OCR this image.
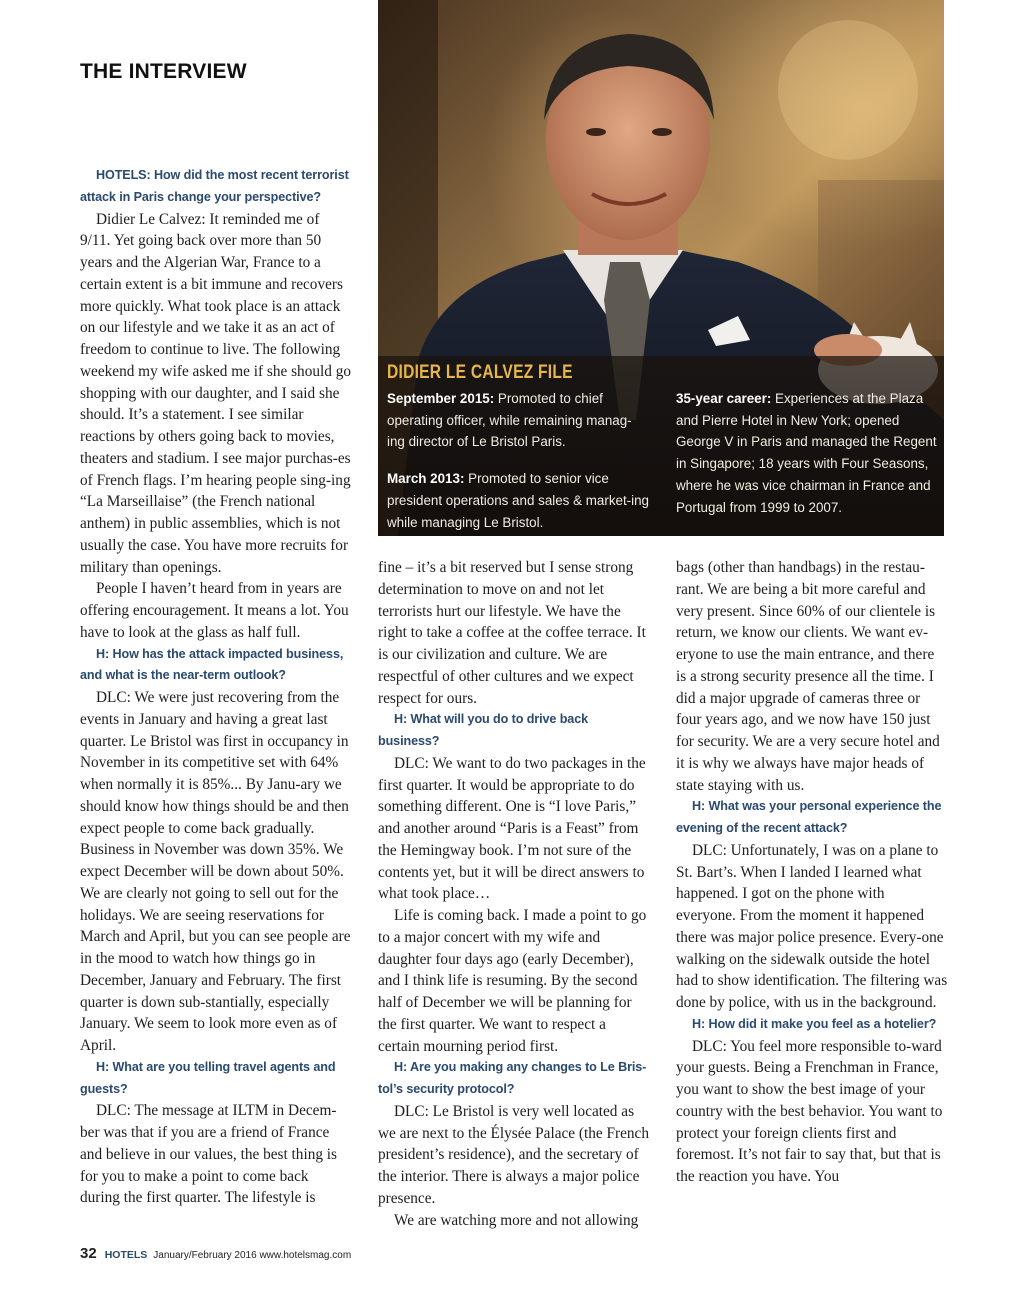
THE INTERVIEW
DIDIER LE CALVEZ FILE

September 2015: Promoted to chief operating officer, while remaining manag-ing director of Le Bristol Paris.

March 2013: Promoted to senior vice president operations and sales & market-ing while managing Le Bristol.

35-year career: Experiences at the Plaza and Pierre Hotel in New York; opened George V in Paris and managed the Regent in Singapore; 18 years with Four Seasons, where he was vice chairman in France and Portugal from 1999 to 2007.

HOTELS: How did the most recent terrorist attack in Paris change your perspective?

Didier Le Calvez: It reminded me of 9/11. Yet going back over more than 50 years and the Algerian War, France to a certain extent is a bit immune and recovers more quickly. What took place is an attack on our lifestyle and we take it as an act of freedom to continue to live. The following weekend my wife asked me if she should go shopping with our daughter, and I said she should. It’s a statement. I see similar reactions by others going back to movies, theaters and stadium. I see major purchas-es of French flags. I’m hearing people sing-ing “La Marseillaise” (the French national anthem) in public assemblies, which is not usually the case. You have more recruits for military than openings.

People I haven’t heard from in years are offering encouragement. It means a lot. You have to look at the glass as half full.

H: How has the attack impacted business, and what is the near-term outlook?

DLC: We were just recovering from the events in January and having a great last quarter. Le Bristol was first in occupancy in November in its competitive set with 64% when normally it is 85%... By Janu-ary we should know how things should be and then expect people to come back gradually. Business in November was down 35%. We expect December will be down about 50%. We are clearly not going to sell out for the holidays. We are seeing reservations for March and April, but you can see people are in the mood to watch how things go in December, January and February. The first quarter is down sub-stantially, especially January. We seem to look more even as of April.

H: What are you telling travel agents and guests?

DLC: The message at ILTM in Decem-ber was that if you are a friend of France and believe in our values, the best thing is for you to make a point to come back during the first quarter. The lifestyle is

fine – it’s a bit reserved but I sense strong determination to move on and not let terrorists hurt our lifestyle. We have the right to take a coffee at the coffee terrace. It is our civilization and culture. We are respectful of other cultures and we expect respect for ours.

H: What will you do to drive back business?

DLC: We want to do two packages in the first quarter. It would be appropriate to do something different. One is “I love Paris,” and another around “Paris is a Feast” from the Hemingway book. I’m not sure of the contents yet, but it will be direct answers to what took place…

Life is coming back. I made a point to go to a major concert with my wife and daughter four days ago (early December), and I think life is resuming. By the second half of December we will be planning for the first quarter. We want to respect a certain mourning period first.

H: Are you making any changes to Le Bris-tol’s security protocol?

DLC: Le Bristol is very well located as we are next to the Élysée Palace (the French president’s residence), and the secretary of the interior. There is always a major police presence.

We are watching more and not allowing

bags (other than handbags) in the restau-rant. We are being a bit more careful and very present. Since 60% of our clientele is return, we know our clients. We want ev-eryone to use the main entrance, and there is a strong security presence all the time. I did a major upgrade of cameras three or four years ago, and we now have 150 just for security. We are a very secure hotel and it is why we always have major heads of state staying with us.

H: What was your personal experience the evening of the recent attack?

DLC: Unfortunately, I was on a plane to St. Bart’s. When I landed I learned what happened. I got on the phone with everyone. From the moment it happened there was major police presence. Every-one walking on the sidewalk outside the hotel had to show identification. The filtering was done by police, with us in the background.

H: How did it make you feel as a hotelier?

DLC: You feel more responsible to-ward your guests. Being a Frenchman in France, you want to show the best image of your country with the best behavior. You want to protect your foreign clients first and foremost. It’s not fair to say that, but that is the reaction you have. You

32 HOTELS January/February 2016 www.hotelsmag.com
